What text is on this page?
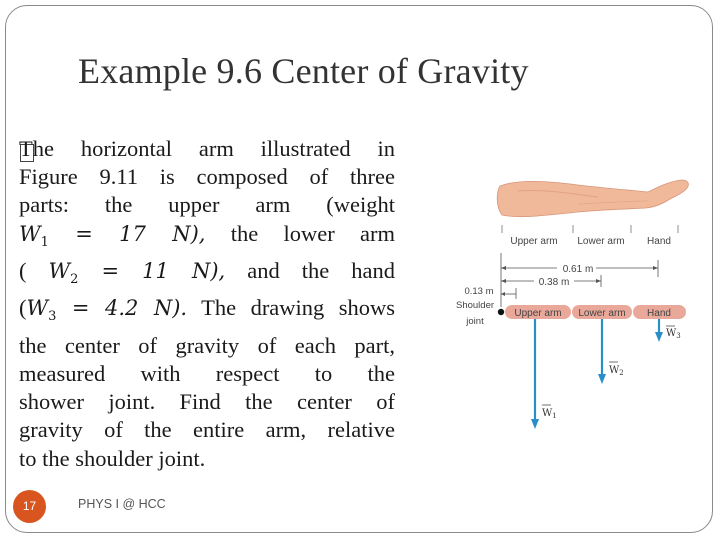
Example 9.6 Center of Gravity

The horizontal arm illustrated in
Figure 9.11 is composed of three
parts: the upper arm (weight
$W_1 = 17$ N), the lower arm
( $W_2 = 11$ N), and the hand
($W_3 = 4.2$ N). The drawing shows
the center of gravity of each part,
measured with respect to the
shower joint. Find the center of
gravity of the entire arm, relative
to the shoulder joint.
Upper arm Lower arm Hand
0.61 m
0.38 m
0.13 m
Shoulder
joint
Upper arm Lower arm Hand
$W_1$
$W_2$
$W_3$
17	PHYS I @ HCC
